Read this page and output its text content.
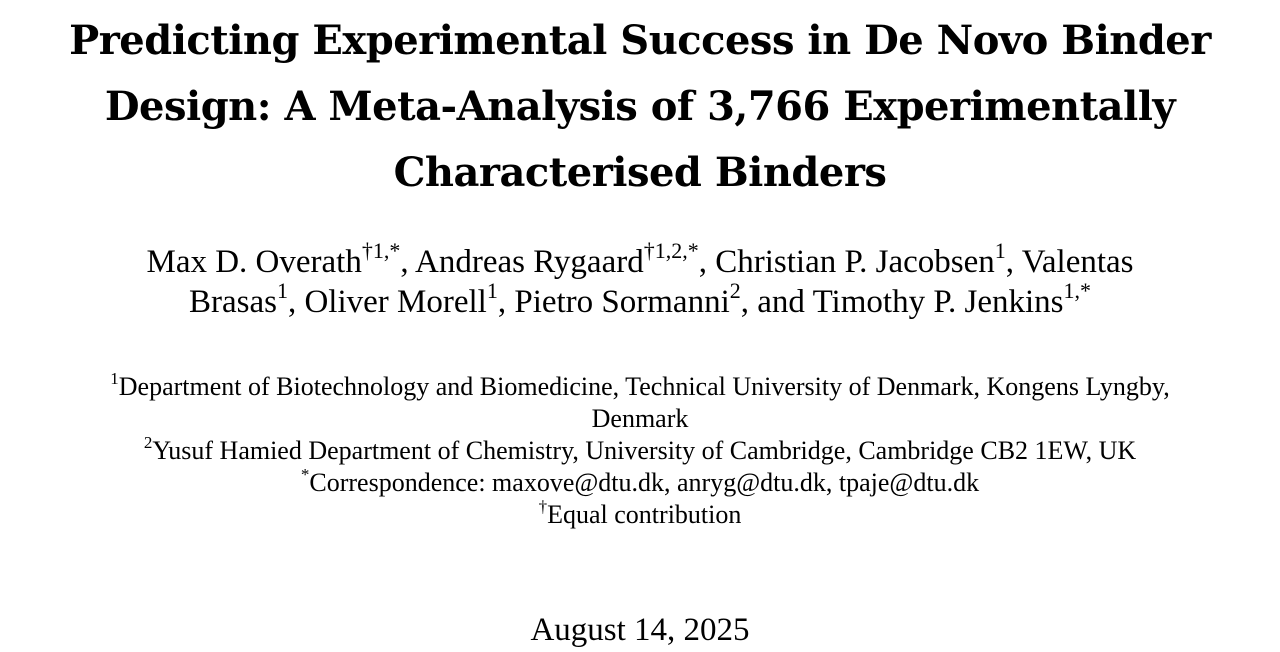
Predicting Experimental Success in De Novo Binder
Design: A Meta-Analysis of 3,766 Experimentally
Characterised Binders
Max D. Overath$^{\dagger 1,*}$, Andreas Rygaard$^{\dagger 1,2,*}$, Christian P. Jacobsen$^1$, Valentas
Brasas$^1$, Oliver Morell$^1$, Pietro Sormanni$^2$, and Timothy P. Jenkins$^{1,*}$
$^1$Department of Biotechnology and Biomedicine, Technical University of Denmark, Kongens Lyngby,
Denmark
$^2$Yusuf Hamied Department of Chemistry, University of Cambridge, Cambridge CB2 1EW, UK
*Correspondence: maxove@dtu.dk, anryg@dtu.dk, tpaje@dtu.dk
†Equal contribution
August 14, 2025
